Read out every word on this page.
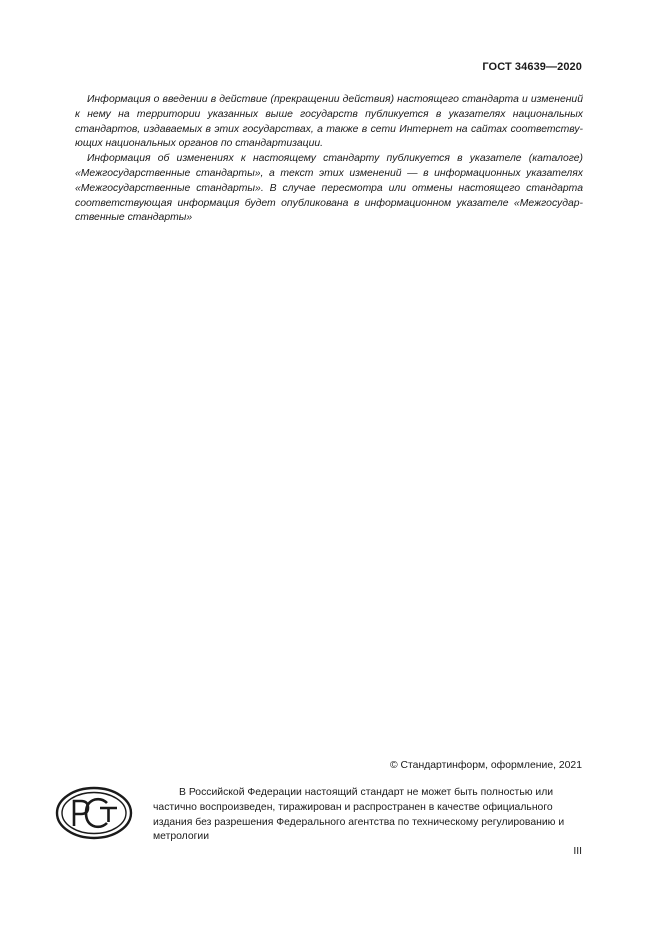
ГОСТ 34639—2020

Информация о введении в действие (прекращении действия) настоящего стандарта и изменений к нему на территории указанных выше государств публикуется в указателях национальных стандартов, издаваемых в этих государствах, а также в сети Интернет на сайтах соответствующих национальных органов по стандартизации.

Информация об изменениях к настоящему стандарту публикуется в указателе (каталоге) «Межгосударственные стандарты», а текст этих изменений — в информационных указателях «Межгосударственные стандарты». В случае пересмотра или отмены настоящего стандарта соответствующая информация будет опубликована в информационном указателе «Межгосударственные стандарты»

© Стандартинформ, оформление, 2021
В Российской Федерации настоящий стандарт не может быть полностью или частично воспроизведен, тиражирован и распространен в качестве официального издания без разрешения Федерального агентства по техническому регулированию и метрологии
III
